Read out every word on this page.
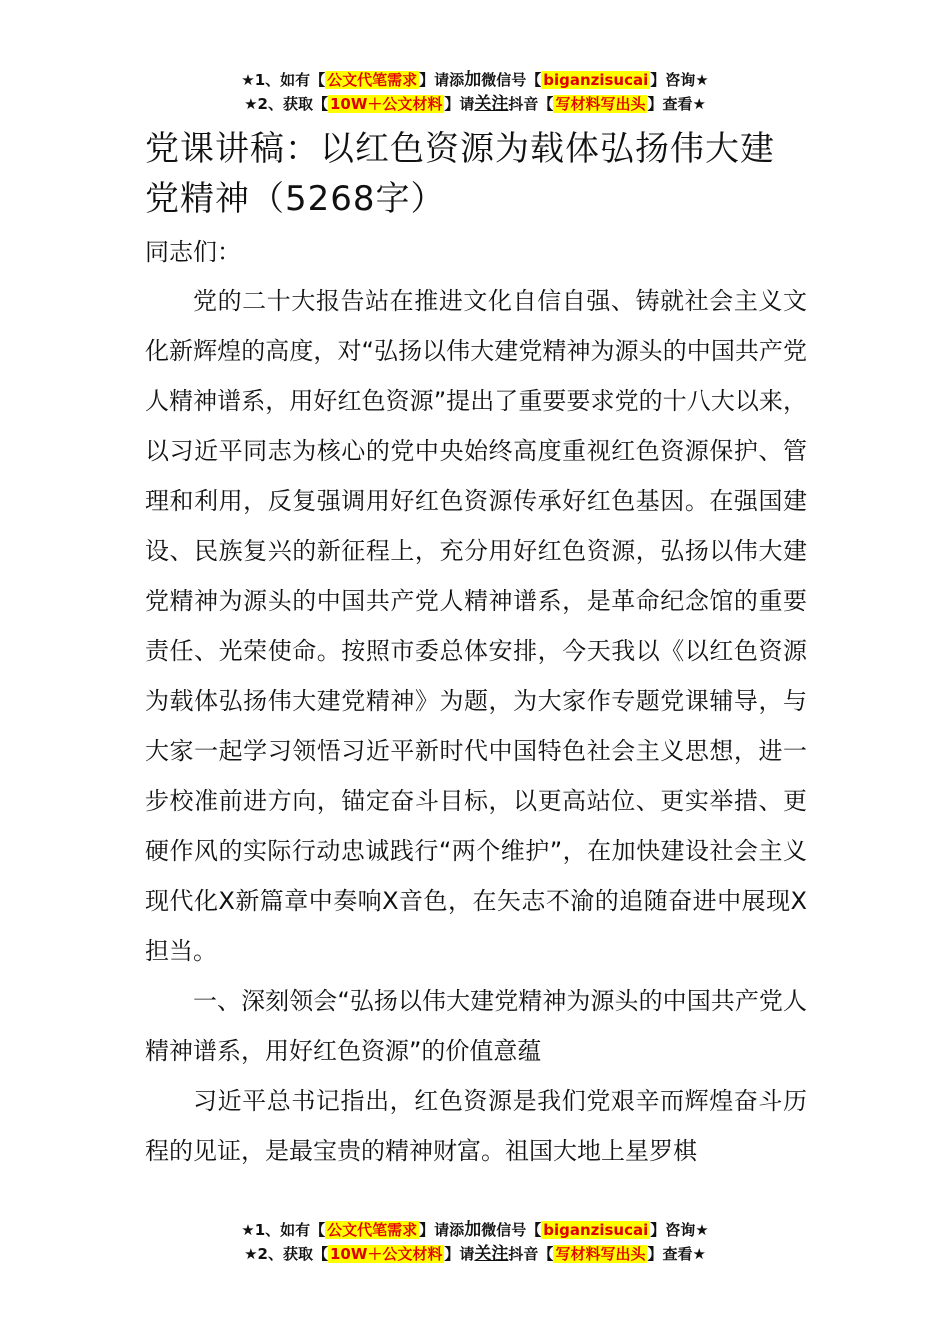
★1、如有【 公文代笔需求 】请添加微信号【 biganzisucai 】咨询★
★2、获取【 10W＋公文材料 】请关注抖音【 写材料写出头 】查看★
党课讲稿：以红色资源为载体弘扬伟大建党精神（5268字）

同志们：

党的二十大报告站在推进文化自信自强、铸就社会主义文化新辉煌的高度，对“弘扬以伟大建党精神为源头的中国共产党人精神谱系，用好红色资源”提出了重要要求党的十八大以来，以习近平同志为核心的党中央始终高度重视红色资源保护、管理和利用，反复强调用好红色资源传承好红色基因。在强国建设、民族复兴的新征程上，充分用好红色资源，弘扬以伟大建党精神为源头的中国共产党人精神谱系，是革命纪念馆的重要责任、光荣使命。按照市委总体安排，今天我以《以红色资源为载体弘扬伟大建党精神》为题，为大家作专题党课辅导，与大家一起学习领悟习近平新时代中国特色社会主义思想，进一步校准前进方向，锚定奋斗目标，以更高站位、更实举措、更硬作风的实际行动忠诚践行“两个维护”，在加快建设社会主义现代化X新篇章中奏响X音色，在矢志不渝的追随奋进中展现X担当。

一、深刻领会“弘扬以伟大建党精神为源头的中国共产党人精神谱系，用好红色资源”的价值意蕴

习近平总书记指出，红色资源是我们党艰辛而辉煌奋斗历程的见证，是最宝贵的精神财富。祖国大地上星罗棋

★1、如有【 公文代笔需求 】请添加微信号【 biganzisucai 】咨询★
★2、获取【 10W＋公文材料 】请关注抖音【 写材料写出头 】查看★
